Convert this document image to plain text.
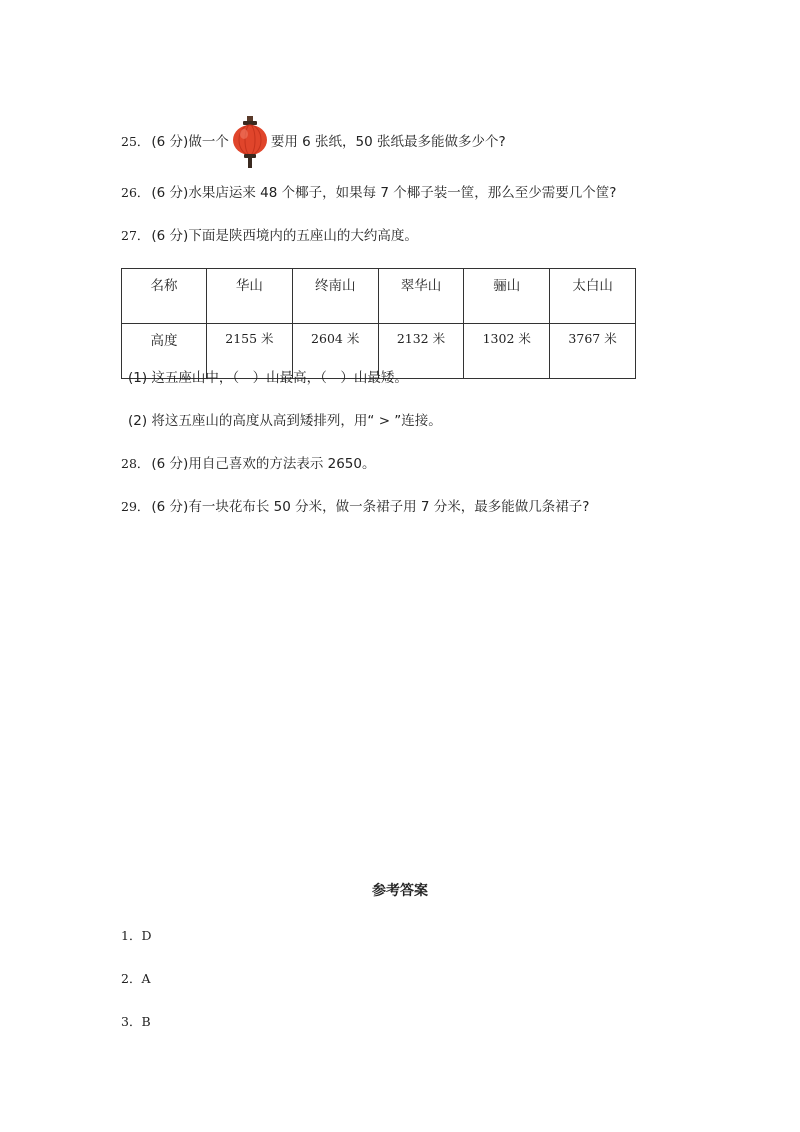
25． (6 分) 做一个	要用 6 张纸，50 张纸最多能做多少个?
26． (6 分) 水果店运来 48 个椰子，如果每 7 个椰子装一筐，那么至少需要几个筐?
27． (6 分) 下面是陕西境内的五座山的大约高度。
名称	华山	终南山	翠华山	骊山	太白山
高度	2155 米	2604 米	2132 米	1302 米	3767 米
(1) 这五座山中，（　）山最高，（　）山最矮。
(2) 将这五座山的高度从高到矮排列，用“ > ”连接。
28． (6 分) 用自己喜欢的方法表示 2650。
29． (6 分) 有一块花布长 50 分米，做一条裙子用 7 分米，最多能做几条裙子?
参考答案
1．D
2．A
3．B
